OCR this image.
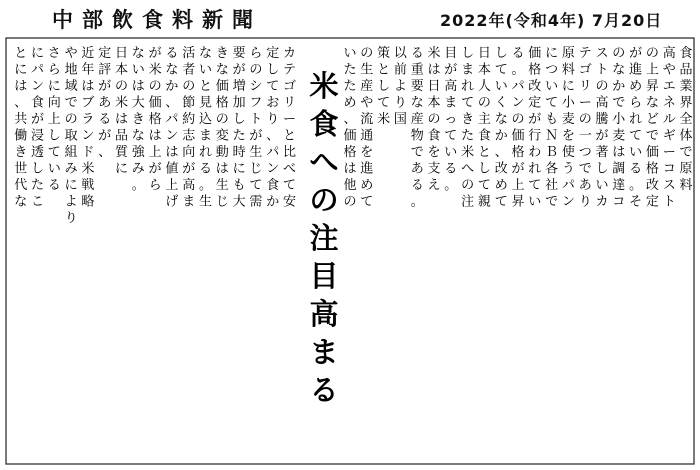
中部飲食料新聞	2022年(令和4年) 7月20日
食
品
業
界
全
体
で
原
料
高
や
エ
ネ
ル
ギ
ー
コ
ス
ト
の
上
昇
な
ど
で
価
格
改
定
が
進
め
ら
れ
て
い
る
。
そ
の
な
か
で
小
麦
は
調
達
コ
ス
ト
の
高
騰
が
著
し
い
カ
テ
ゴ
リ
ー
の
一
つ
で
あ
り
原
料
に
小
麦
を
使
う
パ
ン
に
つ
い
て
も
Ｎ
Ｂ
各
社
で
価
格
改
定
が
行
わ
れ
て
い
る
。
パ
ン
の
価
格
が
上
昇
し
て
い
く
な
か
、
改
め
て
日
本
人
の
主
食
と
し
て
親
し
ま
れ
て
き
た
米
へ
の
注
目
が
高
ま
っ
て
い
る
。
米
は
日
本
の
食
を
支
え
る
重
要
な
産
物
で
あ
る
。
以
前
よ
り
国
策
と
し
て
米
の
生
産
や
流
通
を
進
め
て
い
た
た
め
、
価
格
は
他
の
カ
テ
ゴ
リ
ー
と
比
べ
て
安
定
し
て
お
り
、
パ
ン
食
か
ら
の
シ
フ
ト
が
生
じ
て
需
要
が
増
加
し
た
時
に
も
大
き
な
価
格
の
変
動
は
生
じ
な
い
と
見
込
ま
れ
る
。
生
活
者
の
節
約
志
向
が
高
ま
る
な
か
、
パ
ン
は
値
上
げ
が
米
の
価
格
は
上
が
ら
な
い
は
大
き
な
強
み
。
日
本
の
米
は
品
質
に
定
評
が
あ
る
が
、
近
年
は
ブ
ラ
ン
ド
米
戦
略
や
地
域
で
の
取
組
み
に
よ
り
さ
ら
に
向
上
し
て
い
る
に
パ
ン
食
が
浸
透
し
た
こ
と
に
は
、
共
働
き
世
代
な
米
食
へ
の
注
目
高
ま
る
